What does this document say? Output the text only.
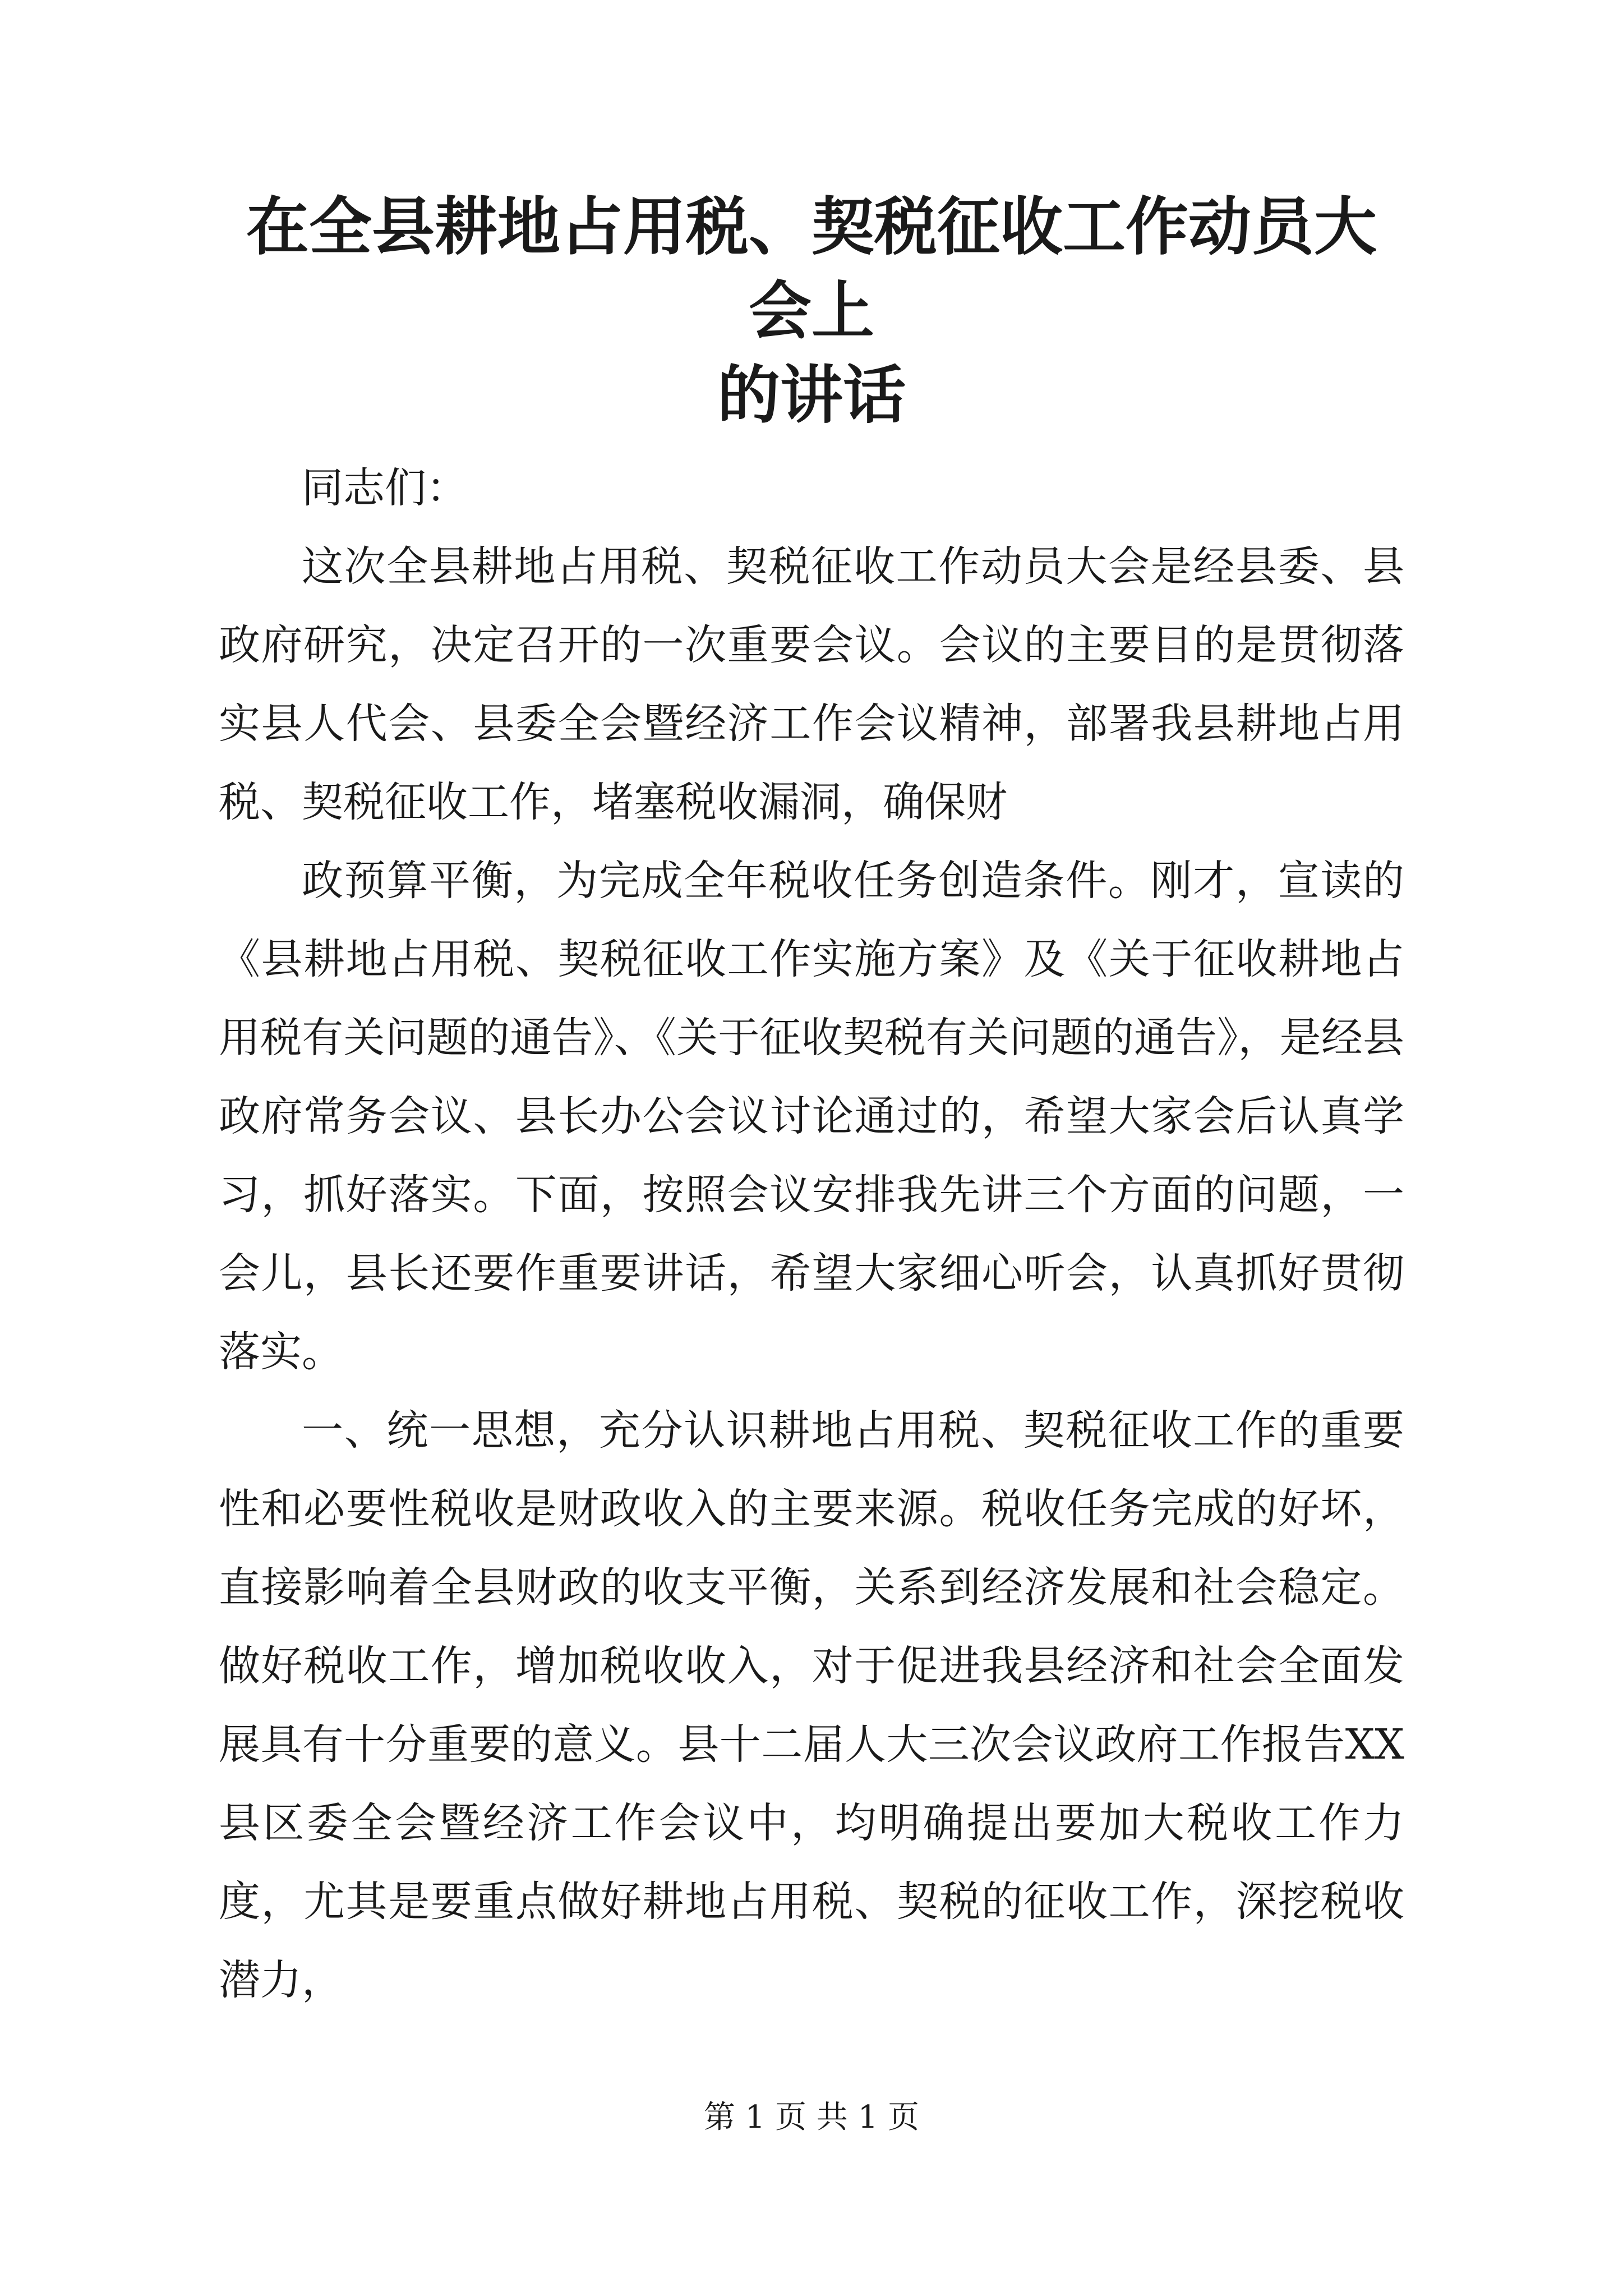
在全县耕地占用税、契税征收工作动员大会上
的讲话

同志们：

这次全县耕地占用税、契税征收工作动员大会是经县委、县政府研究，决定召开的一次重要会议。会议的主要目的是贯彻落实县人代会、县委全会暨经济工作会议精神，部署我县耕地占用税、契税征收工作，堵塞税收漏洞，确保财

政预算平衡，为完成全年税收任务创造条件。刚才，宣读的《县耕地占用税、契税征收工作实施方案》及《关于征收耕地占用税有关问题的通告》、《关于征收契税有关问题的通告》，是经县政府常务会议、县长办公会议讨论通过的，希望大家会后认真学习，抓好落实。下面，按照会议安排我先讲三个方面的问题，一会儿，县长还要作重要讲话，希望大家细心听会，认真抓好贯彻落实。

一、统一思想，充分认识耕地占用税、契税征收工作的重要性和必要性税收是财政收入的主要来源。税收任务完成的好坏，直接影响着全县财政的收支平衡，关系到经济发展和社会稳定。做好税收工作，增加税收收入，对于促进我县经济和社会全面发展具有十分重要的意义。县十二届人大三次会议政府工作报告XX县区委全会暨经济工作会议中，均明确提出要加大税收工作力度，尤其是要重点做好耕地占用税、契税的征收工作，深挖税收潜力，

第 1 页 共 1 页
